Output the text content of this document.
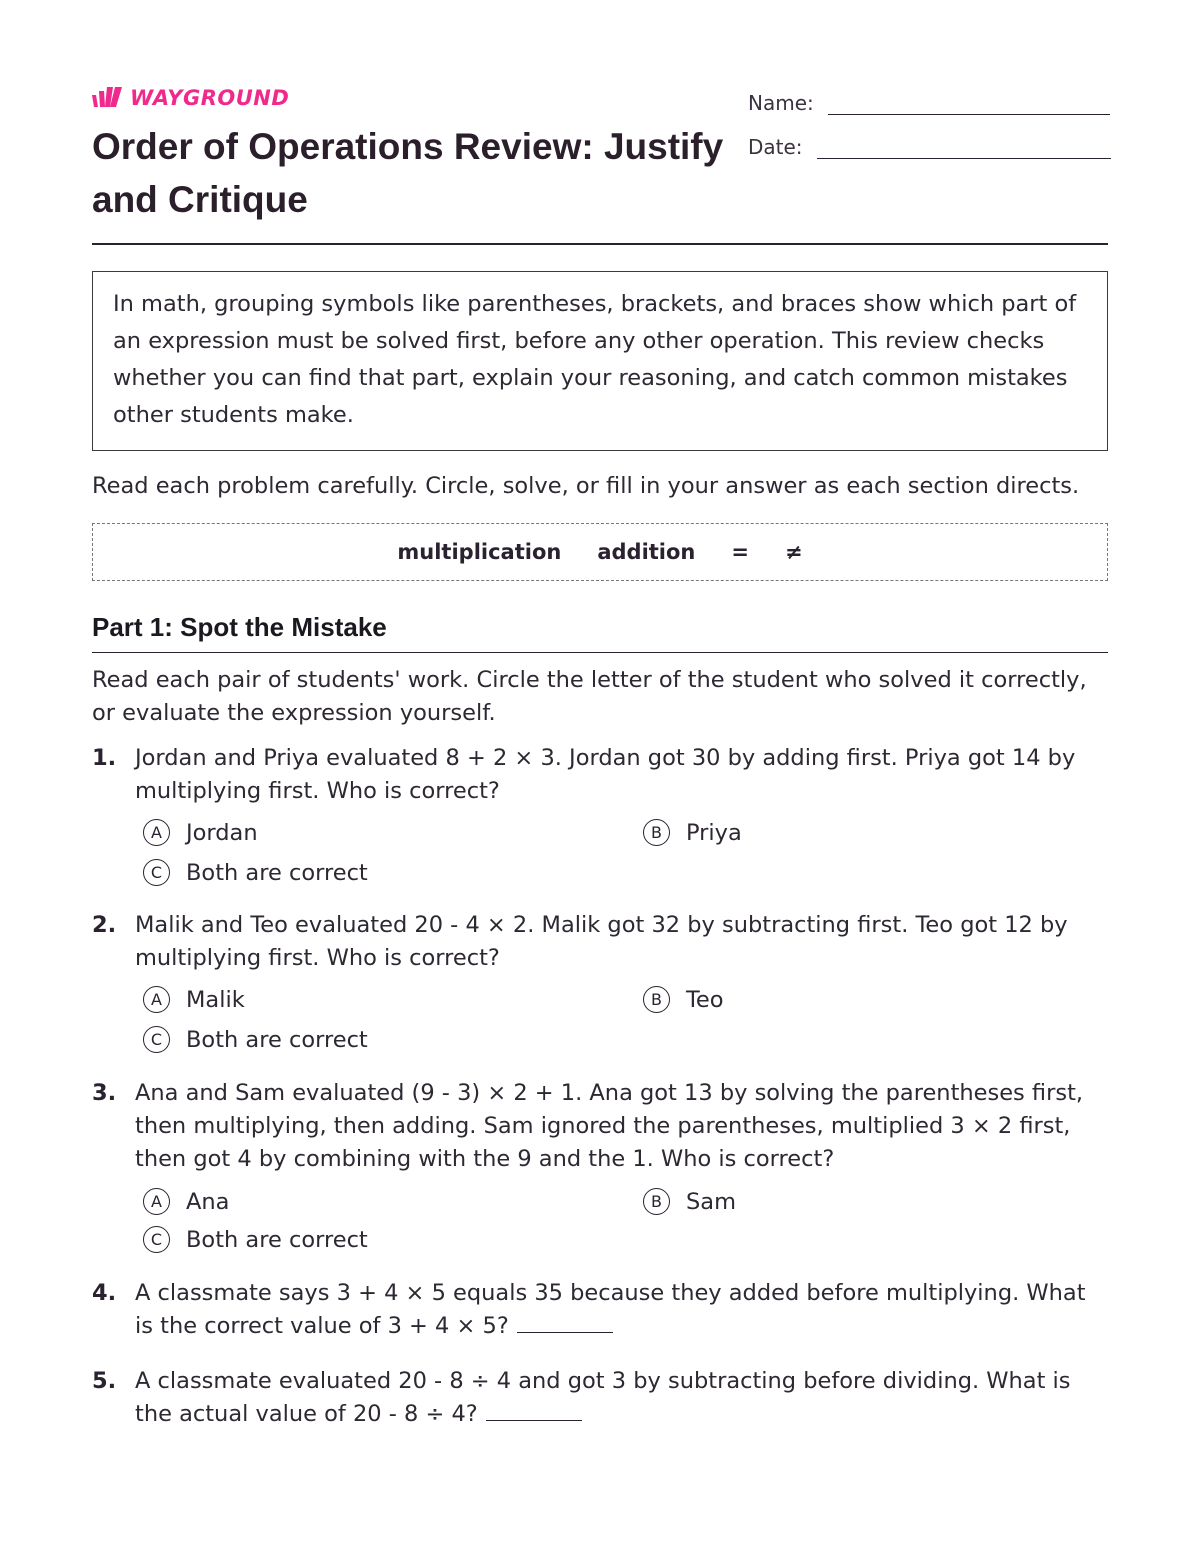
WAYGROUND
Order of Operations Review: Justify and Critique
Name:
Date:

In math, grouping symbols like parentheses, brackets, and braces show which part of an expression must be solved first, before any other operation. This review checks whether you can find that part, explain your reasoning, and catch common mistakes other students make.

Read each problem carefully. Circle, solve, or fill in your answer as each section directs.

multiplication addition = ≠
Part 1: Spot the Mistake

Read each pair of students' work. Circle the letter of the student who solved it correctly, or evaluate the expression yourself.

1. Jordan and Priya evaluated 8 + 2 × 3. Jordan got 30 by adding first. Priya got 14 by multiplying first. Who is correct?
A	Jordan	B	Priya
C	Both are correct
2. Malik and Teo evaluated 20 - 4 × 2. Malik got 32 by subtracting first. Teo got 12 by multiplying first. Who is correct?
A	Malik	B	Teo
C	Both are correct
3. Ana and Sam evaluated (9 - 3) × 2 + 1. Ana got 13 by solving the parentheses first, then multiplying, then adding. Sam ignored the parentheses, multiplied 3 × 2 first, then got 4 by combining with the 9 and the 1. Who is correct?
A	Ana	B	Sam
C	Both are correct
4. A classmate says 3 + 4 × 5 equals 35 because they added before multiplying. What is the correct value of 3 + 4 × 5?
5. A classmate evaluated 20 - 8 ÷ 4 and got 3 by subtracting before dividing. What is the actual value of 20 - 8 ÷ 4?
